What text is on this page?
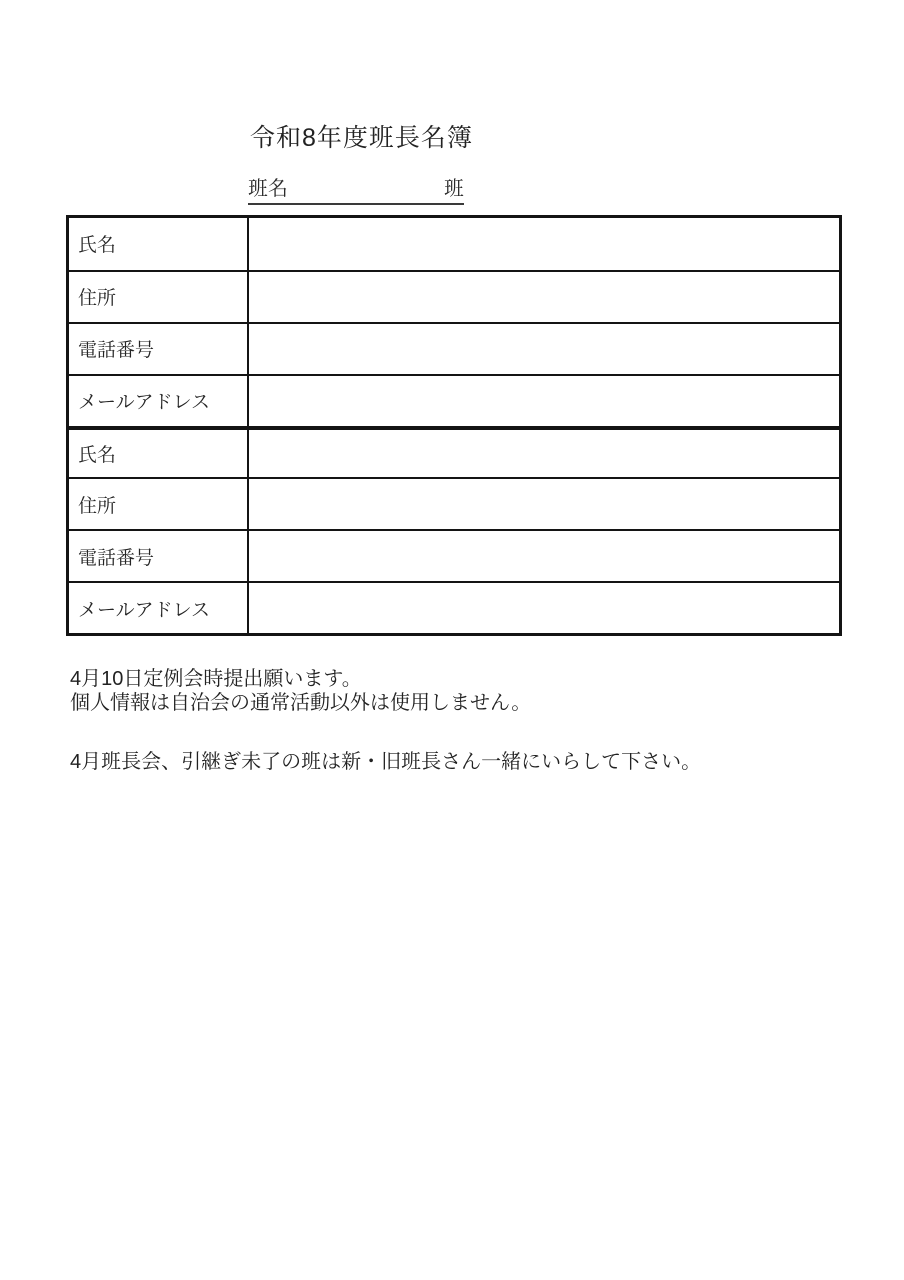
令和8年度班長名簿
班名	班
氏名
住所
電話番号
メールアドレス
氏名
住所
電話番号
メールアドレス
4月10日定例会時提出願います。
個人情報は自治会の通常活動以外は使用しません。
4月班長会、引継ぎ未了の班は新・旧班長さん一緒にいらして下さい。
